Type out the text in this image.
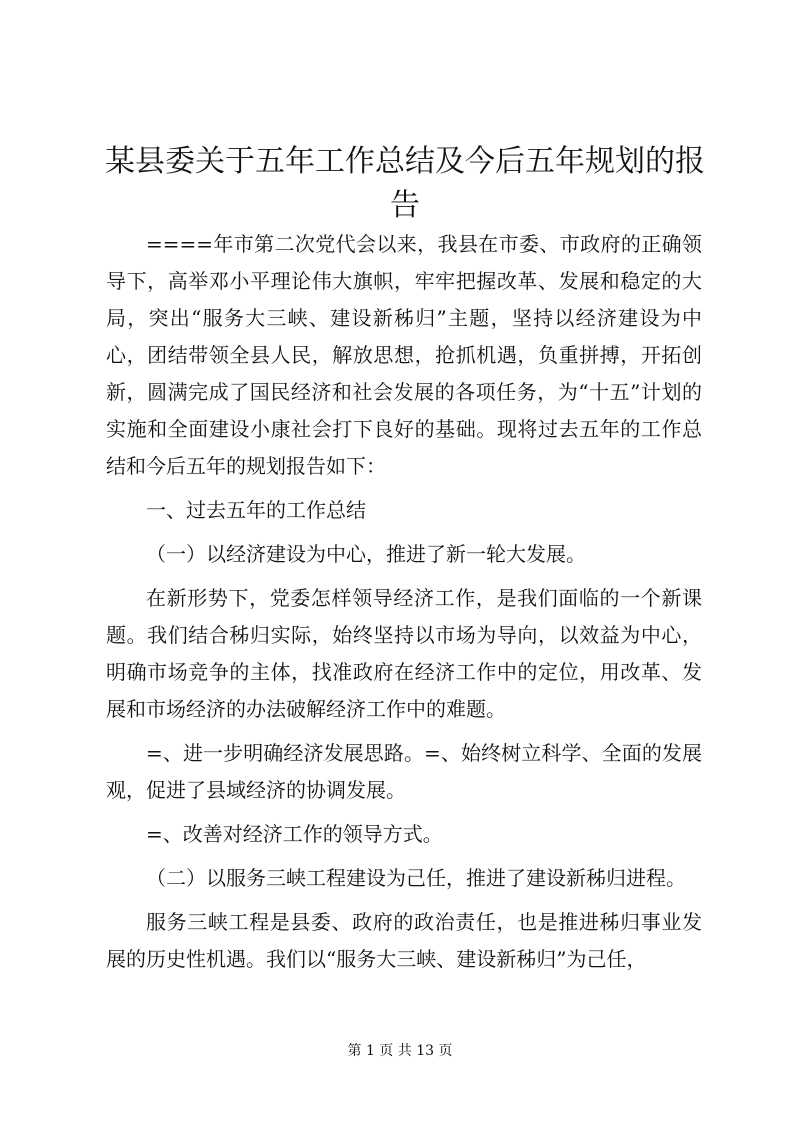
某县委关于五年工作总结及今后五年规划的报告

====年市第二次党代会以来，我县在市委、市政府的正确领导下，高举邓小平理论伟大旗帜，牢牢把握改革、发展和稳定的大局，突出“服务大三峡、建设新秭归”主题，坚持以经济建设为中心，团结带领全县人民，解放思想，抢抓机遇，负重拼搏，开拓创新，圆满完成了国民经济和社会发展的各项任务，为“十五”计划的实施和全面建设小康社会打下良好的基础。现将过去五年的工作总结和今后五年的规划报告如下：

一、过去五年的工作总结

（一）以经济建设为中心，推进了新一轮大发展。

在新形势下，党委怎样领导经济工作，是我们面临的一个新课题。我们结合秭归实际，始终坚持以市场为导向，以效益为中心，明确市场竞争的主体，找准政府在经济工作中的定位，用改革、发展和市场经济的办法破解经济工作中的难题。

=、进一步明确经济发展思路。=、始终树立科学、全面的发展观，促进了县域经济的协调发展。

=、改善对经济工作的领导方式。

（二）以服务三峡工程建设为己任，推进了建设新秭归进程。

服务三峡工程是县委、政府的政治责任，也是推进秭归事业发展的历史性机遇。我们以“服务大三峡、建设新秭归”为己任，

第 1 页 共 13 页
